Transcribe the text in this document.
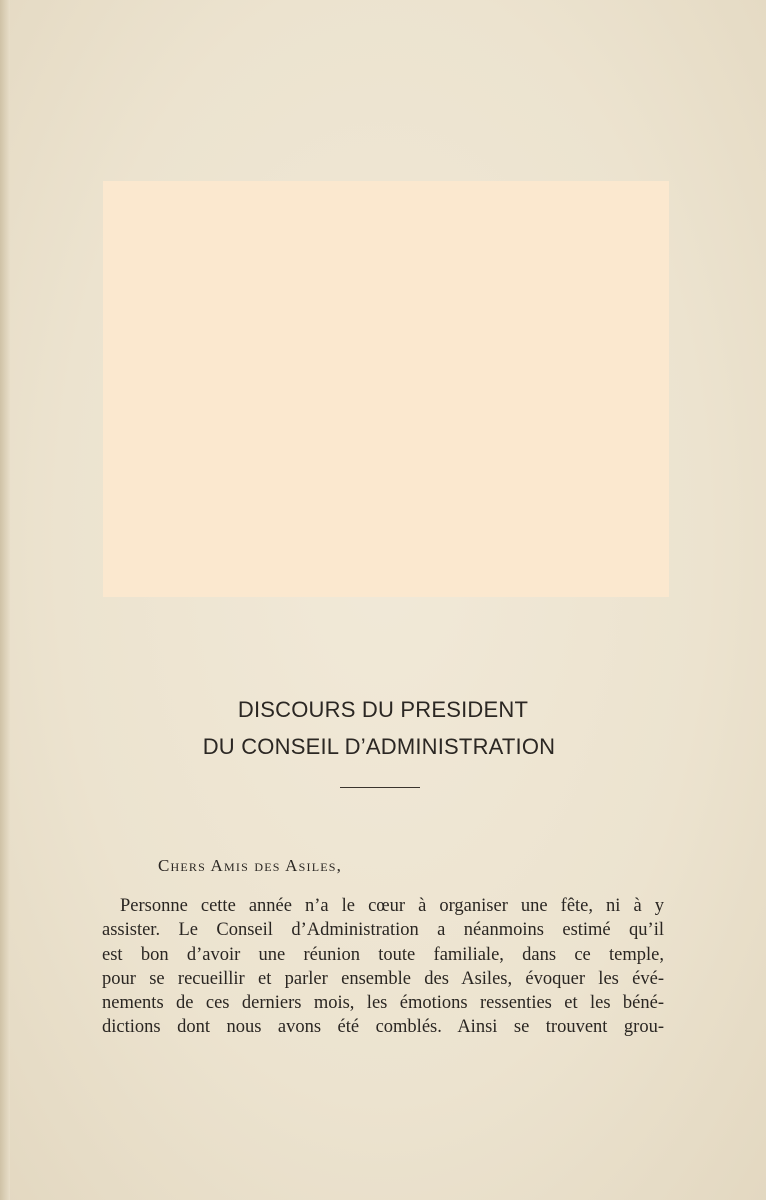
DISCOURS DU PRESIDENT
DU CONSEIL D’ADMINISTRATION
Chers Amis des Asiles,
Personne cette année n’a le cœur à organiser une fête, ni à y
assister. Le Conseil d’Administration a néanmoins estimé qu’il
est bon d’avoir une réunion toute familiale, dans ce temple,
pour se recueillir et parler ensemble des Asiles, évoquer les évé-
nements de ces derniers mois, les émotions ressenties et les béné-
dictions dont nous avons été comblés. Ainsi se trouvent grou-
